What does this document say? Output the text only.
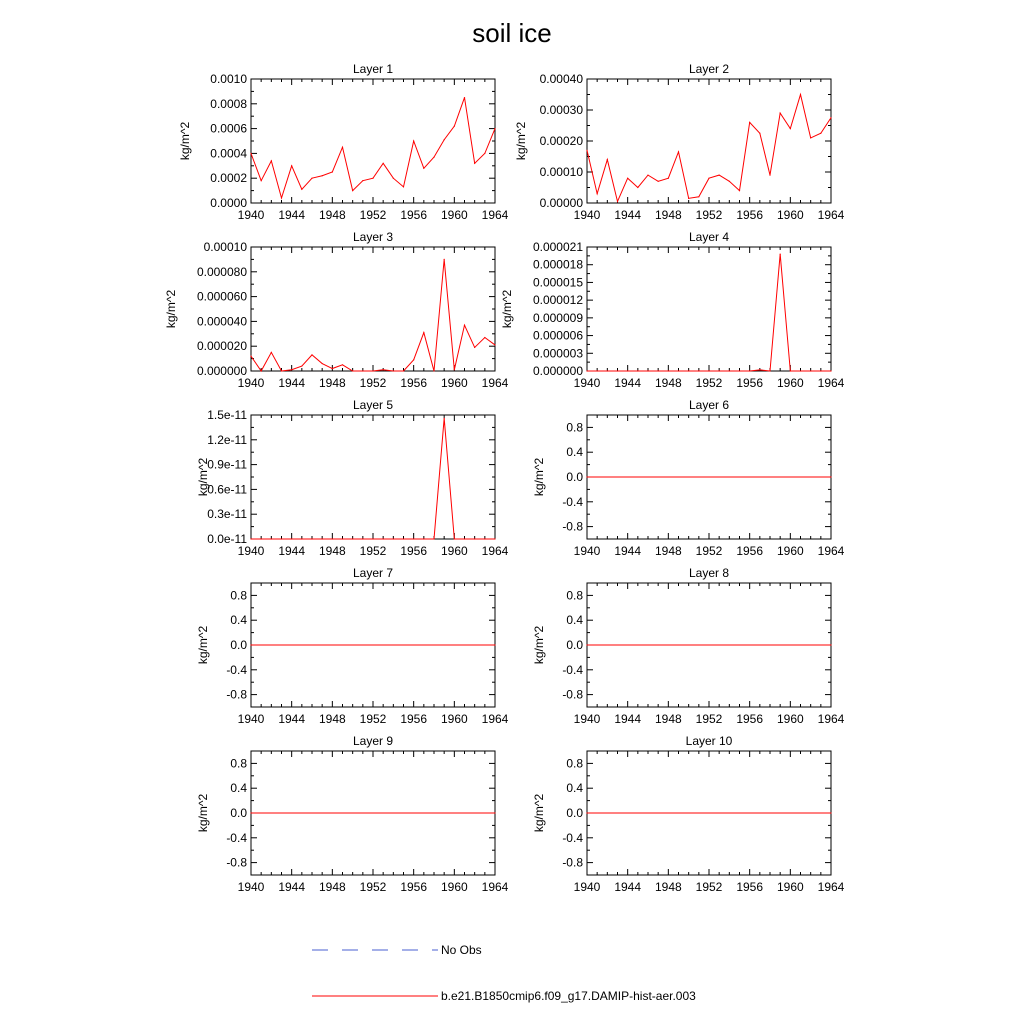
soil ice
Layer 1
kg/m^2
1940 1944 1948 1952 1956 1960 1964
0.0000
0.0002
0.0004
0.0006
0.0008
0.0010
Layer 2
kg/m^2
1940 1944 1948 1952 1956 1960 1964
0.00000
0.00010
0.00020
0.00030
0.00040
Layer 3
kg/m^2
1940 1944 1948 1952 1956 1960 1964
0.000000
0.000020
0.000040
0.000060
0.000080
0.00010
Layer 4
kg/m^2
1940 1944 1948 1952 1956 1960 1964
0.000000
0.000003
0.000006
0.000009
0.000012
0.000015
0.000018
0.000021
Layer 5
kg/m^2
1940 1944 1948 1952 1956 1960 1964
0.0e-11
0.3e-11
0.6e-11
0.9e-11
1.2e-11
1.5e-11
Layer 6
kg/m^2
1940 1944 1948 1952 1956 1960 1964
-0.8
-0.4
0.0
0.4
0.8
Layer 7
kg/m^2
1940 1944 1948 1952 1956 1960 1964
-0.8
-0.4
0.0
0.4
0.8
Layer 8
kg/m^2
1940 1944 1948 1952 1956 1960 1964
-0.8
-0.4
0.0
0.4
0.8
Layer 9
kg/m^2
1940 1944 1948 1952 1956 1960 1964
-0.8
-0.4
0.0
0.4
0.8
Layer 10
kg/m^2
1940 1944 1948 1952 1956 1960 1964
-0.8
-0.4
0.0
0.4
0.8
No Obs
b.e21.B1850cmip6.f09_g17.DAMIP-hist-aer.003
